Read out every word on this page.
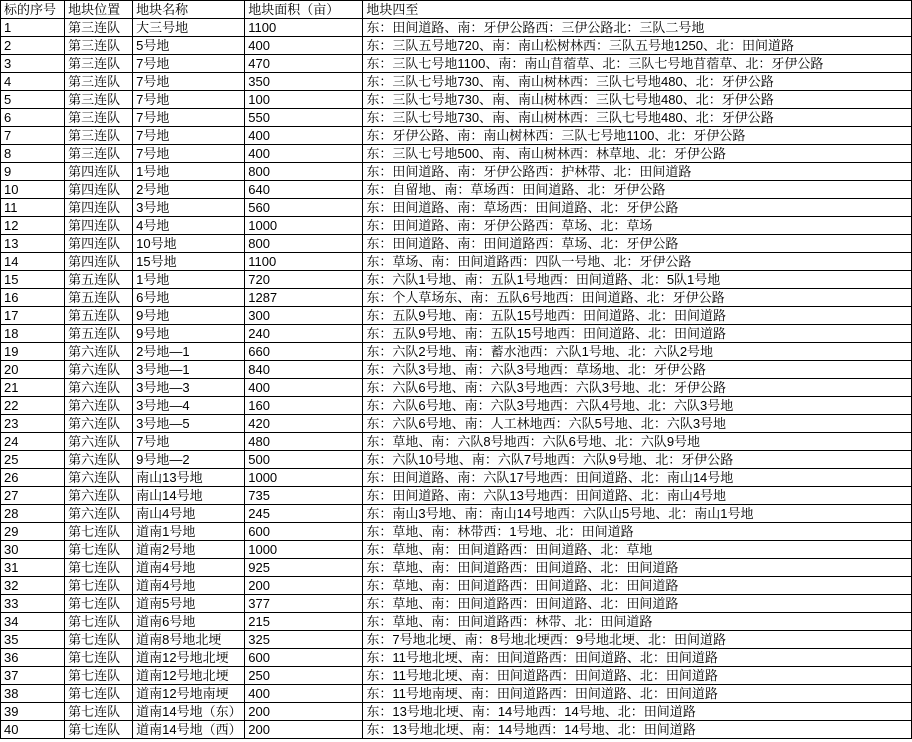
标的序号	地块位置	地块名称	地块面积（亩）	地块四至
1	第三连队	大三号地	1100	东：田间道路、南：牙伊公路西：三伊公路北：三队二号地
2	第三连队	5号地	400	东：三队五号地720、南：南山松树林西：三队五号地1250、北：田间道路
3	第三连队	7号地	470	东：三队七号地1100、南：南山苜蓿草、北：三队七号地苜蓿草、北：牙伊公路
4	第三连队	7号地	350	东：三队七号地730、南、南山树林西：三队七号地480、北：牙伊公路
5	第三连队	7号地	100	东：三队七号地730、南、南山树林西：三队七号地480、北：牙伊公路
6	第三连队	7号地	550	东：三队七号地730、南、南山树林西：三队七号地480、北：牙伊公路
7	第三连队	7号地	400	东：牙伊公路、南：南山树林西：三队七号地1100、北：牙伊公路
8	第三连队	7号地	400	东：三队七号地500、南、南山树林西：林草地、北：牙伊公路
9	第四连队	1号地	800	东：田间道路、南：牙伊公路西：护林带、北：田间道路
10	第四连队	2号地	640	东：自留地、南：草场西：田间道路、北：牙伊公路
11	第四连队	3号地	560	东：田间道路、南：草场西：田间道路、北：牙伊公路
12	第四连队	4号地	1000	东：田间道路、南：牙伊公路西：草场、北：草场
13	第四连队	10号地	800	东：田间道路、南：田间道路西：草场、北：牙伊公路
14	第四连队	15号地	1100	东：草场、南：田间道路西：四队一号地、北：牙伊公路
15	第五连队	1号地	720	东：六队1号地、南：五队1号地西：田间道路、北：5队1号地
16	第五连队	6号地	1287	东：个人草场东、南：五队6号地西：田间道路、北：牙伊公路
17	第五连队	9号地	300	东：五队9号地、南：五队15号地西：田间道路、北：田间道路
18	第五连队	9号地	240	东：五队9号地、南：五队15号地西：田间道路、北：田间道路
19	第六连队	2号地—1	660	东：六队2号地、南：蓄水池西：六队1号地、北：六队2号地
20	第六连队	3号地—1	840	东：六队3号地、南：六队3号地西：草场地、北：牙伊公路
21	第六连队	3号地—3	400	东：六队6号地、南：六队3号地西：六队3号地、北：牙伊公路
22	第六连队	3号地—4	160	东：六队6号地、南：六队3号地西：六队4号地、北：六队3号地
23	第六连队	3号地—5	420	东：六队6号地、南：人工林地西：六队5号地、北：六队3号地
24	第六连队	7号地	480	东：草地、南：六队8号地西：六队6号地、北：六队9号地
25	第六连队	9号地—2	500	东：六队10号地、南：六队7号地西：六队9号地、北：牙伊公路
26	第六连队	南山13号地	1000	东：田间道路、南：六队17号地西：田间道路、北：南山14号地
27	第六连队	南山14号地	735	东：田间道路、南：六队13号地西：田间道路、北：南山4号地
28	第六连队	南山4号地	245	东：南山3号地、南：南山14号地西：六队山5号地、北：南山1号地
29	第七连队	道南1号地	600	东：草地、南：林带西：1号地、北：田间道路
30	第七连队	道南2号地	1000	东：草地、南：田间道路西：田间道路、北：草地
31	第七连队	道南4号地	925	东：草地、南：田间道路西：田间道路、北：田间道路
32	第七连队	道南4号地	200	东：草地、南：田间道路西：田间道路、北：田间道路
33	第七连队	道南5号地	377	东：草地、南：田间道路西：田间道路、北：田间道路
34	第七连队	道南6号地	215	东：草地、南：田间道路西：林带、北：田间道路
35	第七连队	道南8号地北埂	325	东：7号地北埂、南：8号地北埂西：9号地北埂、北：田间道路
36	第七连队	道南12号地北埂	600	东：11号地北埂、南：田间道路西：田间道路、北：田间道路
37	第七连队	道南12号地北埂	250	东：11号地北埂、南：田间道路西：田间道路、北：田间道路
38	第七连队	道南12号地南埂	400	东：11号地南埂、南：田间道路西：田间道路、北：田间道路
39	第七连队	道南14号地（东）	200	东：13号地北埂、南：14号地西：14号地、北：田间道路
40	第七连队	道南14号地（西）	200	东：13号地北埂、南：14号地西：14号地、北：田间道路
